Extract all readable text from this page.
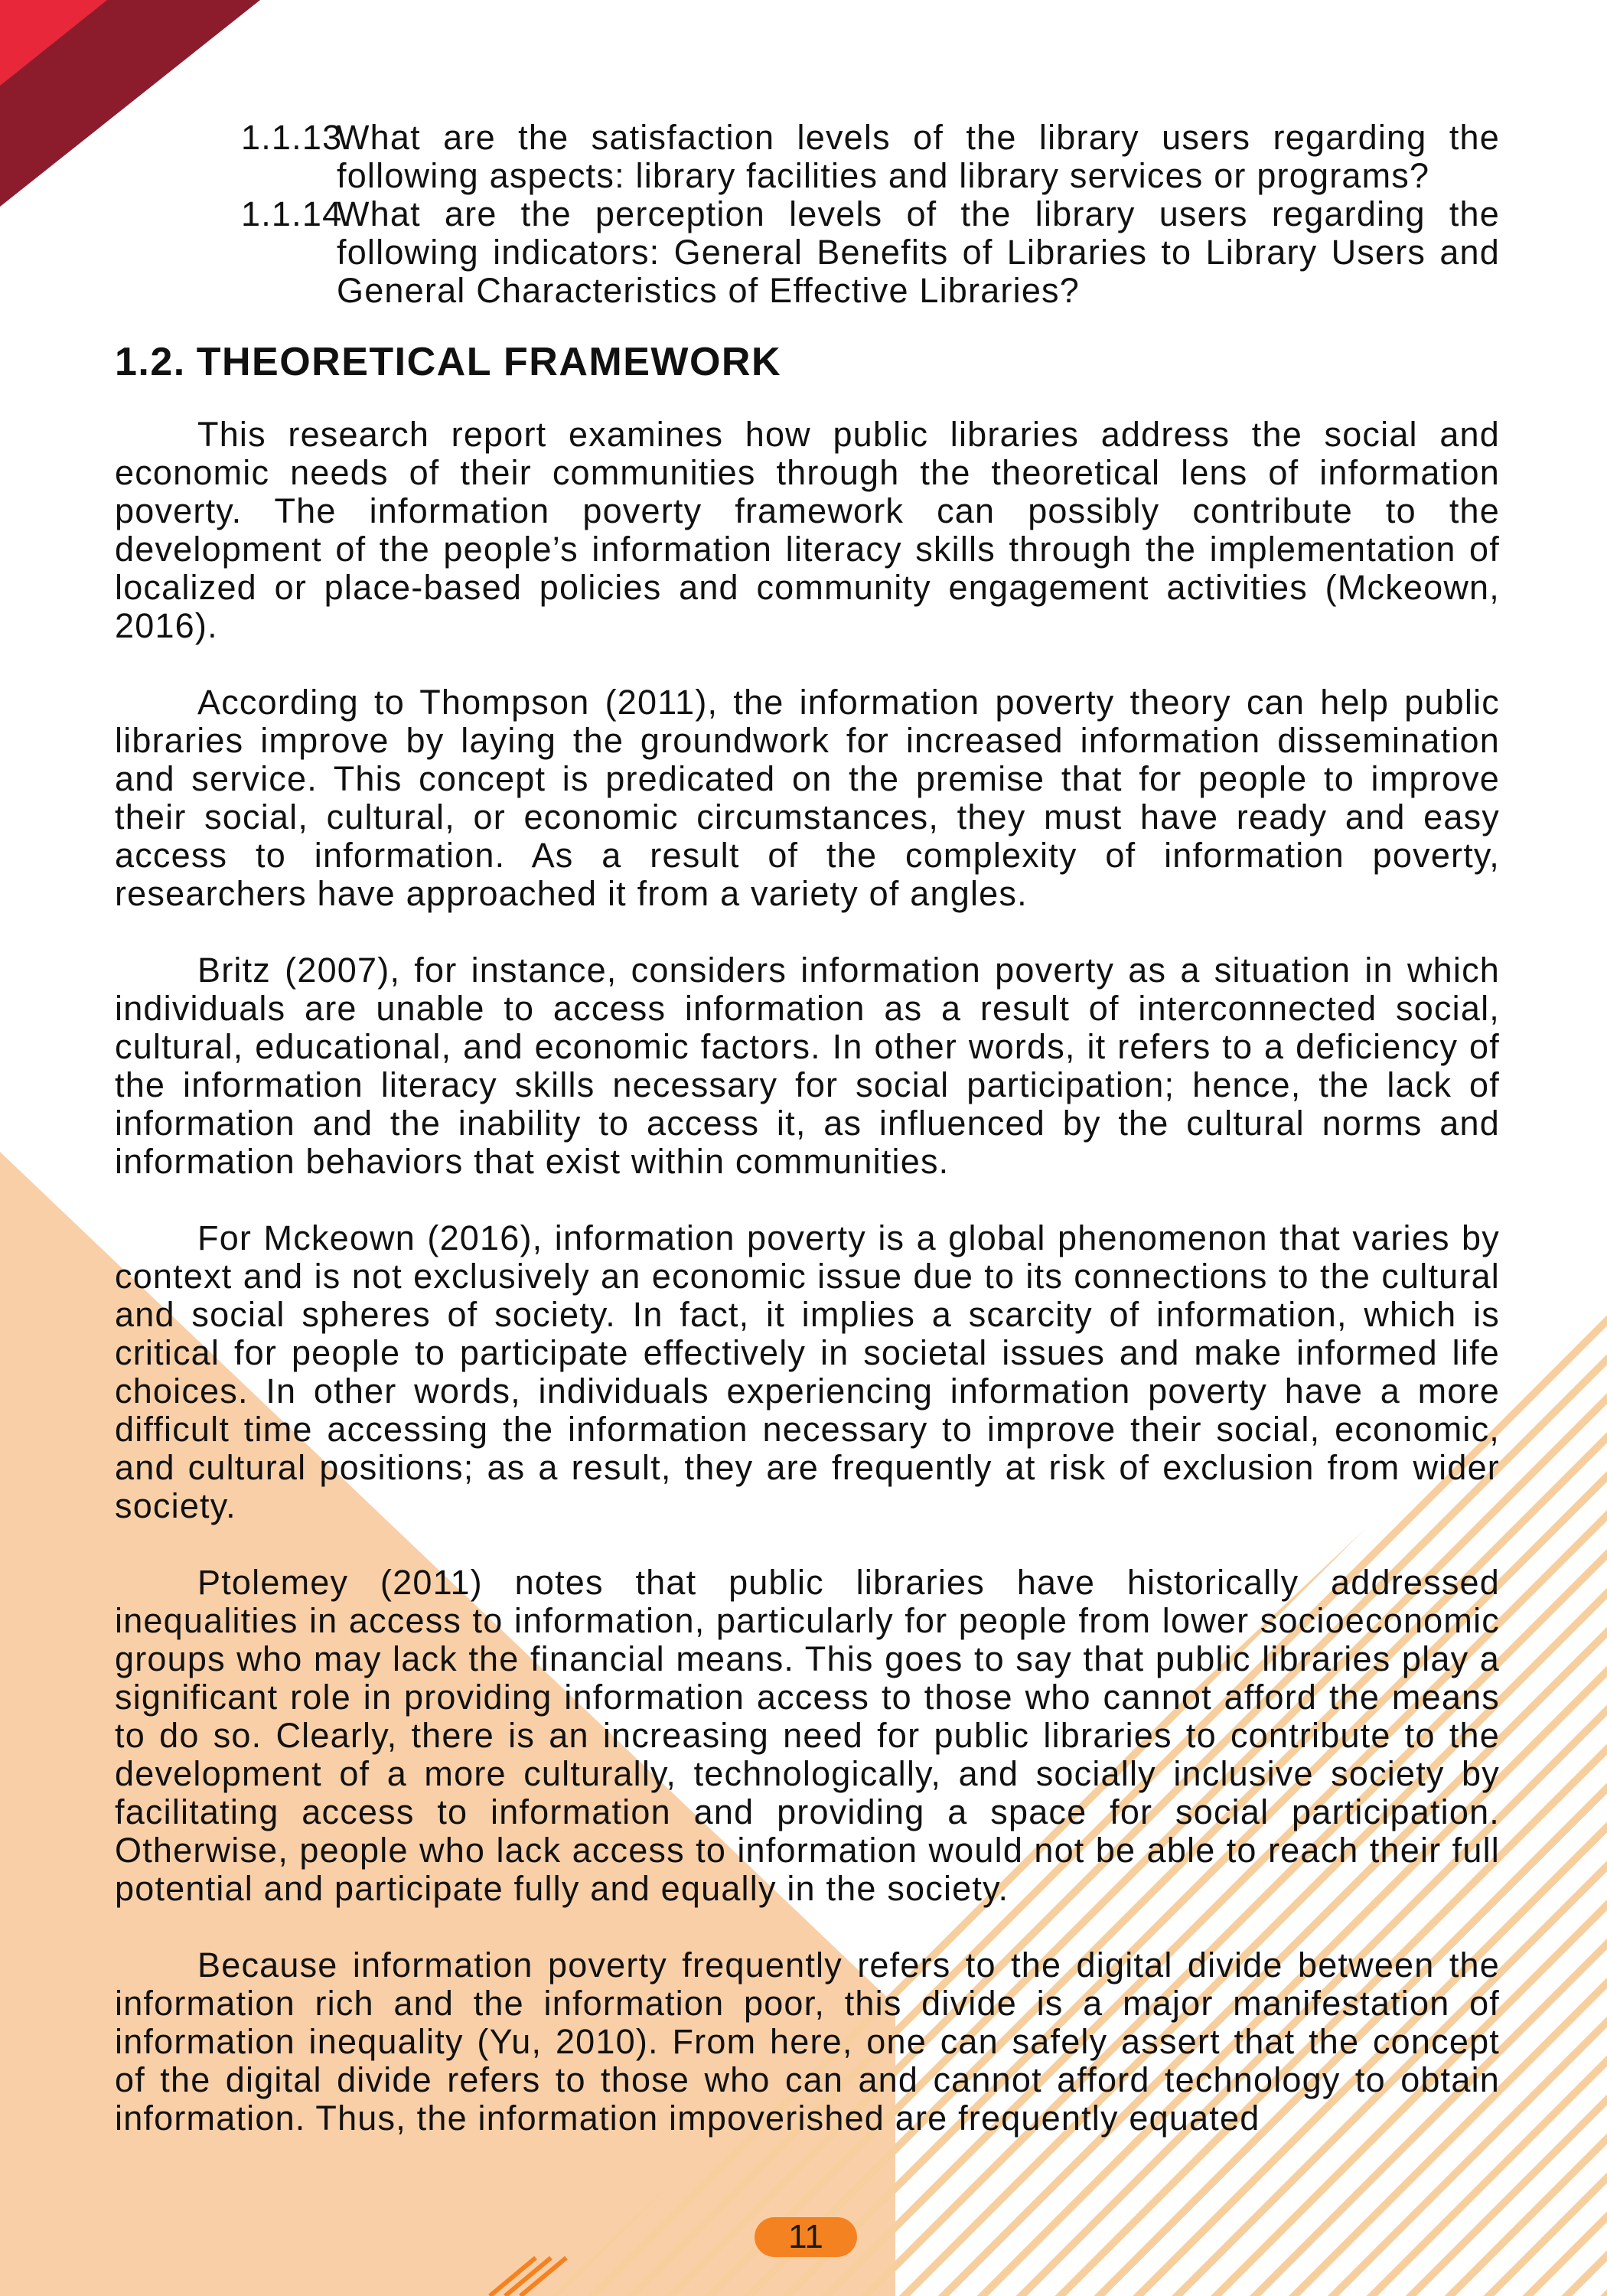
1.1.13.
What are the satisfaction levels of the library users regarding the following aspects: library facilities and library services or programs?
1.1.14.
What are the perception levels of the library users regarding the following indicators: General Benefits of Libraries to Library Users and General Characteristics of Effective Libraries?
1.2. THEORETICAL FRAMEWORK

This research report examines how public libraries address the social and economic needs of their communities through the theoretical lens of information poverty. The information poverty framework can possibly contribute to the development of the people’s information literacy skills through the implementation of localized or place-based policies and community engagement activities (Mckeown, 2016).

According to Thompson (2011), the information poverty theory can help public libraries improve by laying the groundwork for increased information dissemination and service. This concept is predicated on the premise that for people to improve their social, cultural, or economic circumstances, they must have ready and easy access to information. As a result of the complexity of information poverty, researchers have approached it from a variety of angles.

Britz (2007), for instance, considers information poverty as a situation in which individuals are unable to access information as a result of interconnected social, cultural, educational, and economic factors. In other words, it refers to a deficiency of the information literacy skills necessary for social participation; hence, the lack of information and the inability to access it, as influenced by the cultural norms and information behaviors that exist within communities.

For Mckeown (2016), information poverty is a global phenomenon that varies by context and is not exclusively an economic issue due to its connections to the cultural and social spheres of society. In fact, it implies a scarcity of information, which is critical for people to participate effectively in societal issues and make informed life choices. In other words, individuals experiencing information poverty have a more difficult time accessing the information necessary to improve their social, economic, and cultural positions; as a result, they are frequently at risk of exclusion from wider society.

Ptolemey (2011) notes that public libraries have historically addressed inequalities in access to information, particularly for people from lower socioeconomic groups who may lack the financial means. This goes to say that public libraries play a significant role in providing information access to those who cannot afford the means to do so. Clearly, there is an increasing need for public libraries to contribute to the development of a more culturally, technologically, and socially inclusive society by facilitating access to information and providing a space for social participation. Otherwise, people who lack access to information would not be able to reach their full potential and participate fully and equally in the society.

Because information poverty frequently refers to the digital divide between the information rich and the information poor, this divide is a major manifestation of information inequality (Yu, 2010). From here, one can safely assert that the concept of the digital divide refers to those who can and cannot afford technology to obtain information. Thus, the information impoverished are frequently equated

11
